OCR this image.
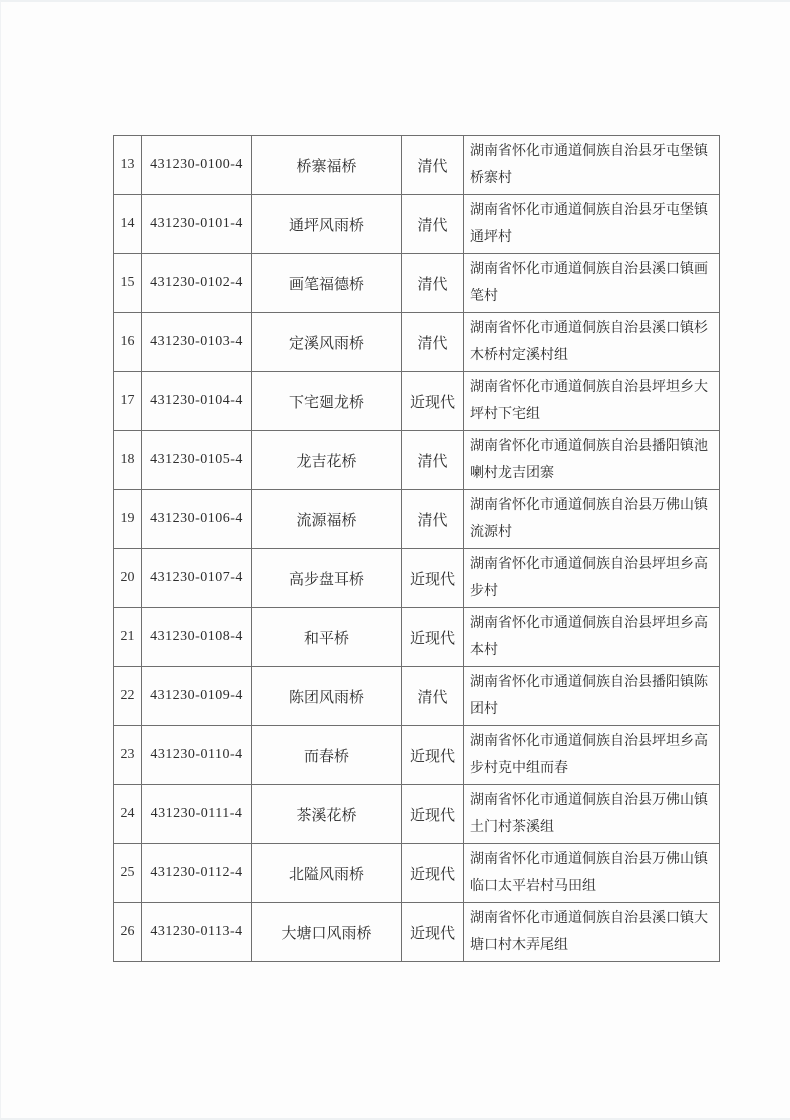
13	431230-0100-4	桥寨福桥	清代	湖南省怀化市通道侗族自治县牙屯堡镇桥寨村
14	431230-0101-4	通坪风雨桥	清代	湖南省怀化市通道侗族自治县牙屯堡镇通坪村
15	431230-0102-4	画笔福德桥	清代	湖南省怀化市通道侗族自治县溪口镇画笔村
16	431230-0103-4	定溪风雨桥	清代	湖南省怀化市通道侗族自治县溪口镇杉木桥村定溪村组
17	431230-0104-4	下宅廻龙桥	近现代	湖南省怀化市通道侗族自治县坪坦乡大坪村下宅组
18	431230-0105-4	龙吉花桥	清代	湖南省怀化市通道侗族自治县播阳镇池喇村龙吉团寨
19	431230-0106-4	流源福桥	清代	湖南省怀化市通道侗族自治县万佛山镇流源村
20	431230-0107-4	高步盘耳桥	近现代	湖南省怀化市通道侗族自治县坪坦乡高步村
21	431230-0108-4	和平桥	近现代	湖南省怀化市通道侗族自治县坪坦乡高本村
22	431230-0109-4	陈团风雨桥	清代	湖南省怀化市通道侗族自治县播阳镇陈团村
23	431230-0110-4	而春桥	近现代	湖南省怀化市通道侗族自治县坪坦乡高步村克中组而春
24	431230-0111-4	茶溪花桥	近现代	湖南省怀化市通道侗族自治县万佛山镇土门村茶溪组
25	431230-0112-4	北隘风雨桥	近现代	湖南省怀化市通道侗族自治县万佛山镇临口太平岩村马田组
26	431230-0113-4	大塘口风雨桥	近现代	湖南省怀化市通道侗族自治县溪口镇大塘口村木弄尾组
